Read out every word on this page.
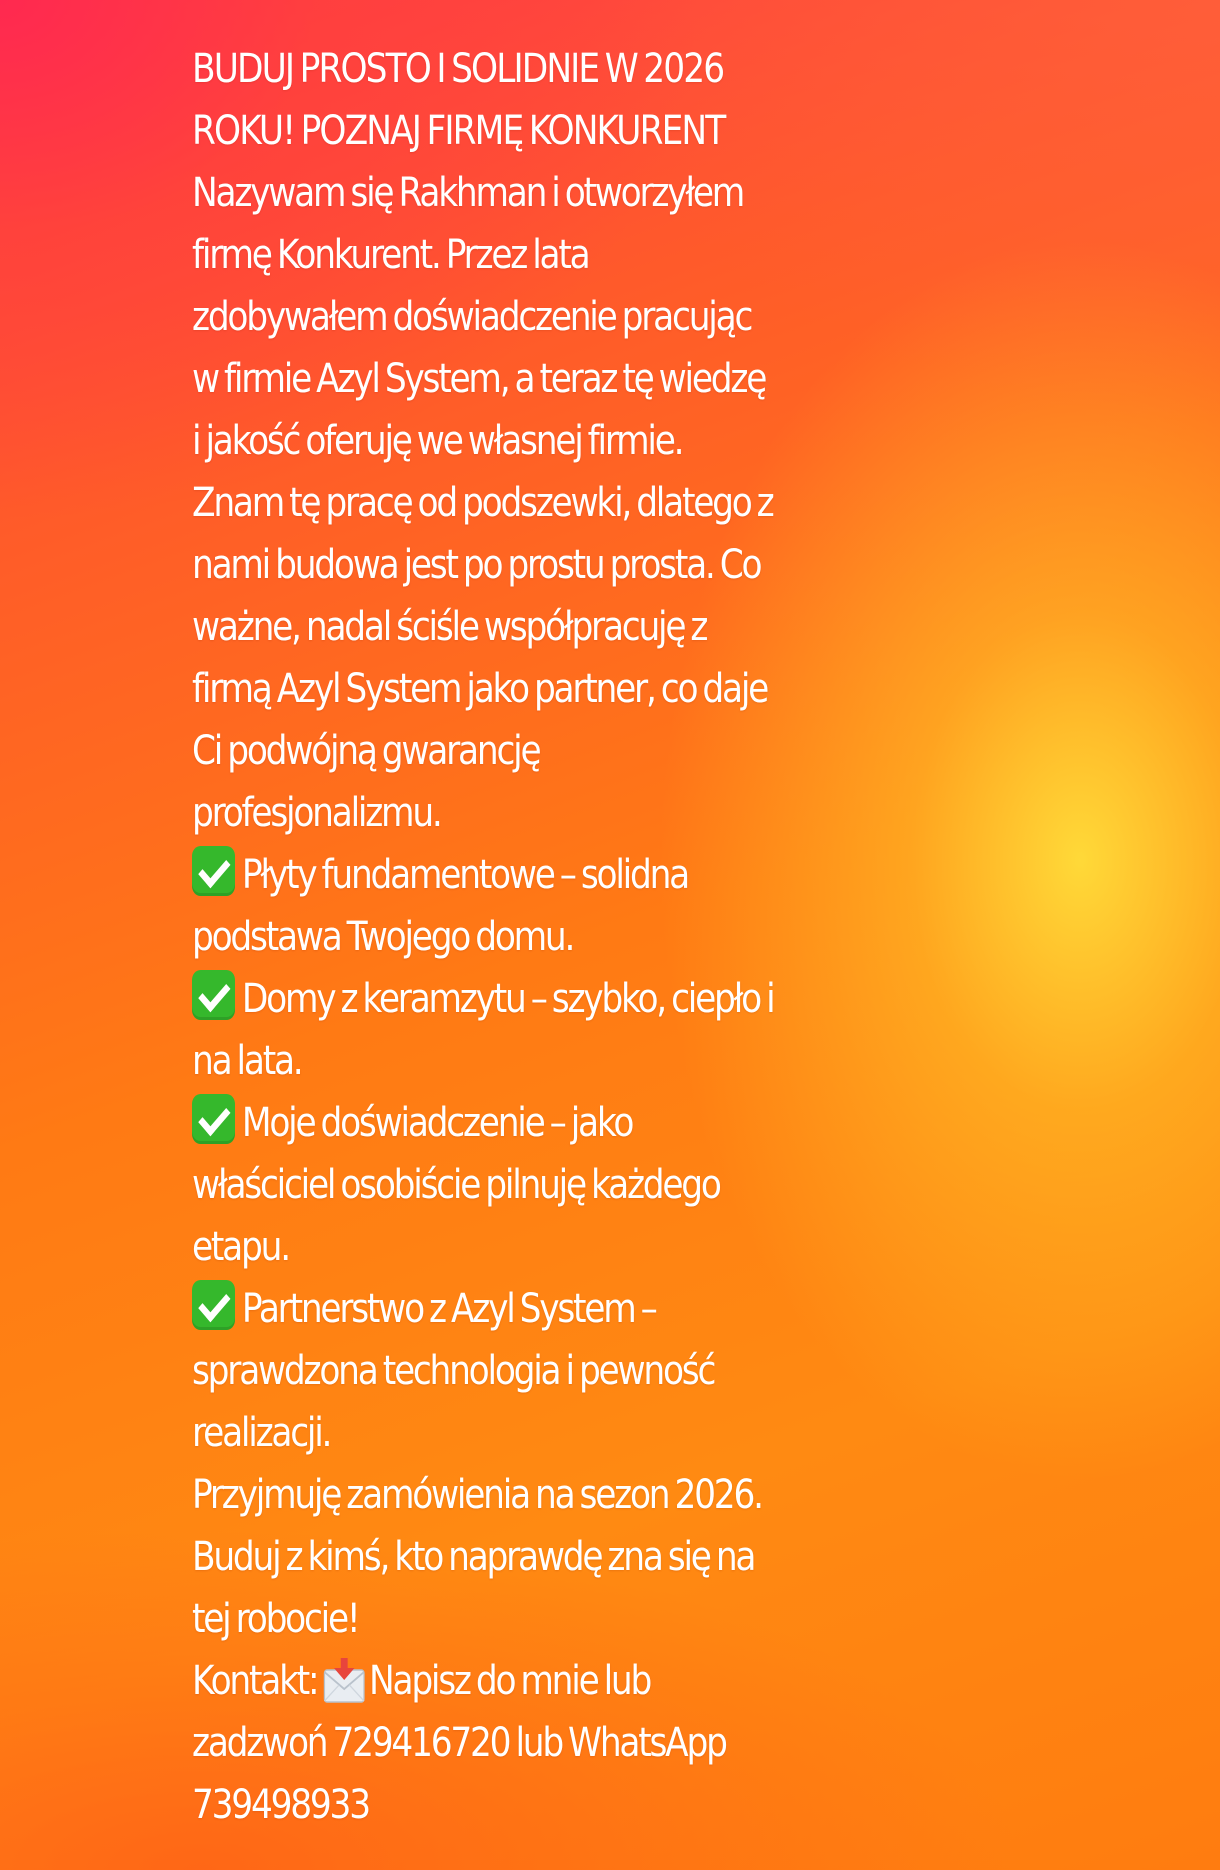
BUDUJ PROSTO I SOLIDNIE W 2026
ROKU! POZNAJ FIRMĘ KONKURENT
Nazywam się Rakhman i otworzyłem
firmę Konkurent. Przez lata
zdobywałem doświadczenie pracując
w firmie Azyl System, a teraz tę wiedzę
i jakość oferuję we własnej firmie.
Znam tę pracę od podszewki, dlatego z
nami budowa jest po prostu prosta. Co
ważne, nadal ściśle współpracuję z
firmą Azyl System jako partner, co daje
Ci podwójną gwarancję
profesjonalizmu.
Płyty fundamentowe – solidna
podstawa Twojego domu.
Domy z keramzytu – szybko, ciepło i
na lata.
Moje doświadczenie – jako
właściciel osobiście pilnuję każdego
etapu.
Partnerstwo z Azyl System –
sprawdzona technologia i pewność
realizacji.
Przyjmuję zamówienia na sezon 2026.
Buduj z kimś, kto naprawdę zna się na
tej robocie!
Kontakt: Napisz do mnie lub
zadzwoń 729416720 lub WhatsApp
739498933
